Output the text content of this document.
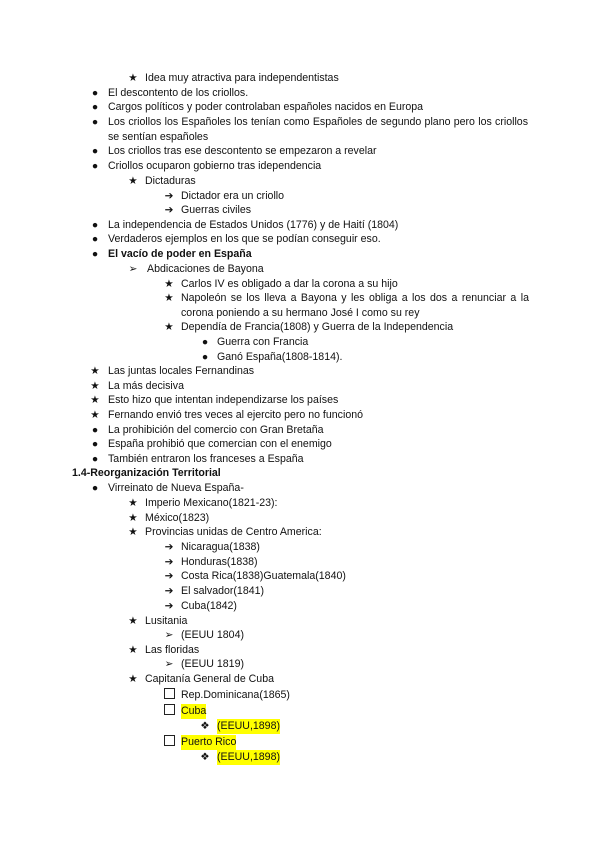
★ Idea muy atractiva para independentistas
● El descontento de los criollos.
● Cargos políticos y poder controlaban españoles nacidos en Europa
● Los criollos los Españoles los tenían como Españoles de segundo plano pero los criollos se sentían españoles
● Los criollos tras ese descontento se empezaron a revelar
● Criollos ocuparon gobierno tras idependencia
★ Dictaduras
➔ Dictador era un criollo
➔ Guerras civiles
● La independencia de Estados Unidos (1776) y de Haití (1804)
● Verdaderos ejemplos en los que se podían conseguir eso.
● El vacío de poder en España
➢ Abdicaciones de Bayona
★ Carlos IV es obligado a dar la corona a su hijo
★ Napoleón se los lleva a Bayona y les obliga a los dos a renunciar a la corona poniendo a su hermano José I como su rey
★ Dependía de Francia(1808) y Guerra de la Independencia
● Guerra con Francia
● Ganó España(1808-1814).
★ Las juntas locales Fernandinas
★ La más decisiva
★ Esto hizo que intentan independizarse los países
★ Fernando envió tres veces al ejercito pero no funcionó
● La prohibición del comercio con Gran Bretaña
● España prohibió que comercian con el enemigo
● También entraron los franceses a España
1.4-Reorganización Territorial
● Virreinato de Nueva España-
★ Imperio Mexicano(1821-23):
★ México(1823)
★ Provincias unidas de Centro America:
➔ Nicaragua(1838)
➔ Honduras(1838)
➔ Costa Rica(1838)Guatemala(1840)
➔ El salvador(1841)
➔ Cuba(1842)
★ Lusitania
➢ (EEUU 1804)
★ Las floridas
➢ (EEUU 1819)
★ Capitanía General de Cuba
Rep.Dominicana(1865)
Cuba
❖ (EEUU,1898)
Puerto Rico
❖ (EEUU,1898)
